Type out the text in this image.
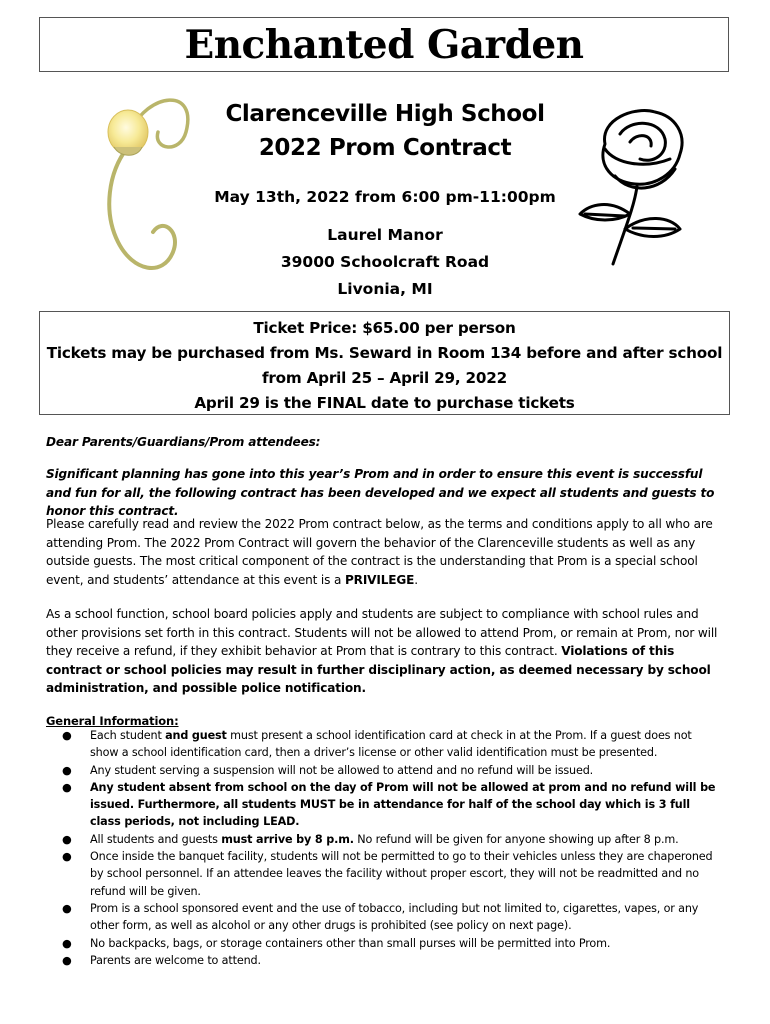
Enchanted Garden
Clarenceville High School
2022 Prom Contract
May 13th, 2022 from 6:00 pm-11:00pm
Laurel Manor
39000 Schoolcraft Road
Livonia, MI
Ticket Price: $65.00 per person
Tickets may be purchased from Ms. Seward in Room 134 before and after school
from April 25 – April 29, 2022
April 29 is the FINAL date to purchase tickets
Dear Parents/Guardians/Prom attendees:
Significant planning has gone into this year’s Prom and in order to ensure this event is successful and fun for all, the following contract has been developed and we expect all students and guests to honor this contract.
Please carefully read and review the 2022 Prom contract below, as the terms and conditions apply to all who are attending Prom. The 2022 Prom Contract will govern the behavior of the Clarenceville students as well as any outside guests. The most critical component of the contract is the understanding that Prom is a special school event, and students’ attendance at this event is a PRIVILEGE.
As a school function, school board policies apply and students are subject to compliance with school rules and other provisions set forth in this contract. Students will not be allowed to attend Prom, or remain at Prom, nor will they receive a refund, if they exhibit behavior at Prom that is contrary to this contract. Violations of this contract or school policies may result in further disciplinary action, as deemed necessary by school administration, and possible police notification.
General Information:
● Each student and guest must present a school identification card at check in at the Prom. If a guest does not show a school identification card, then a driver’s license or other valid identification must be presented.
● Any student serving a suspension will not be allowed to attend and no refund will be issued.
● Any student absent from school on the day of Prom will not be allowed at prom and no refund will be issued. Furthermore, all students MUST be in attendance for half of the school day which is 3 full class periods, not including LEAD.
● All students and guests must arrive by 8 p.m. No refund will be given for anyone showing up after 8 p.m.
● Once inside the banquet facility, students will not be permitted to go to their vehicles unless they are chaperoned by school personnel. If an attendee leaves the facility without proper escort, they will not be readmitted and no refund will be given.
● Prom is a school sponsored event and the use of tobacco, including but not limited to, cigarettes, vapes, or any other form, as well as alcohol or any other drugs is prohibited (see policy on next page).
● No backpacks, bags, or storage containers other than small purses will be permitted into Prom.
● Parents are welcome to attend.
